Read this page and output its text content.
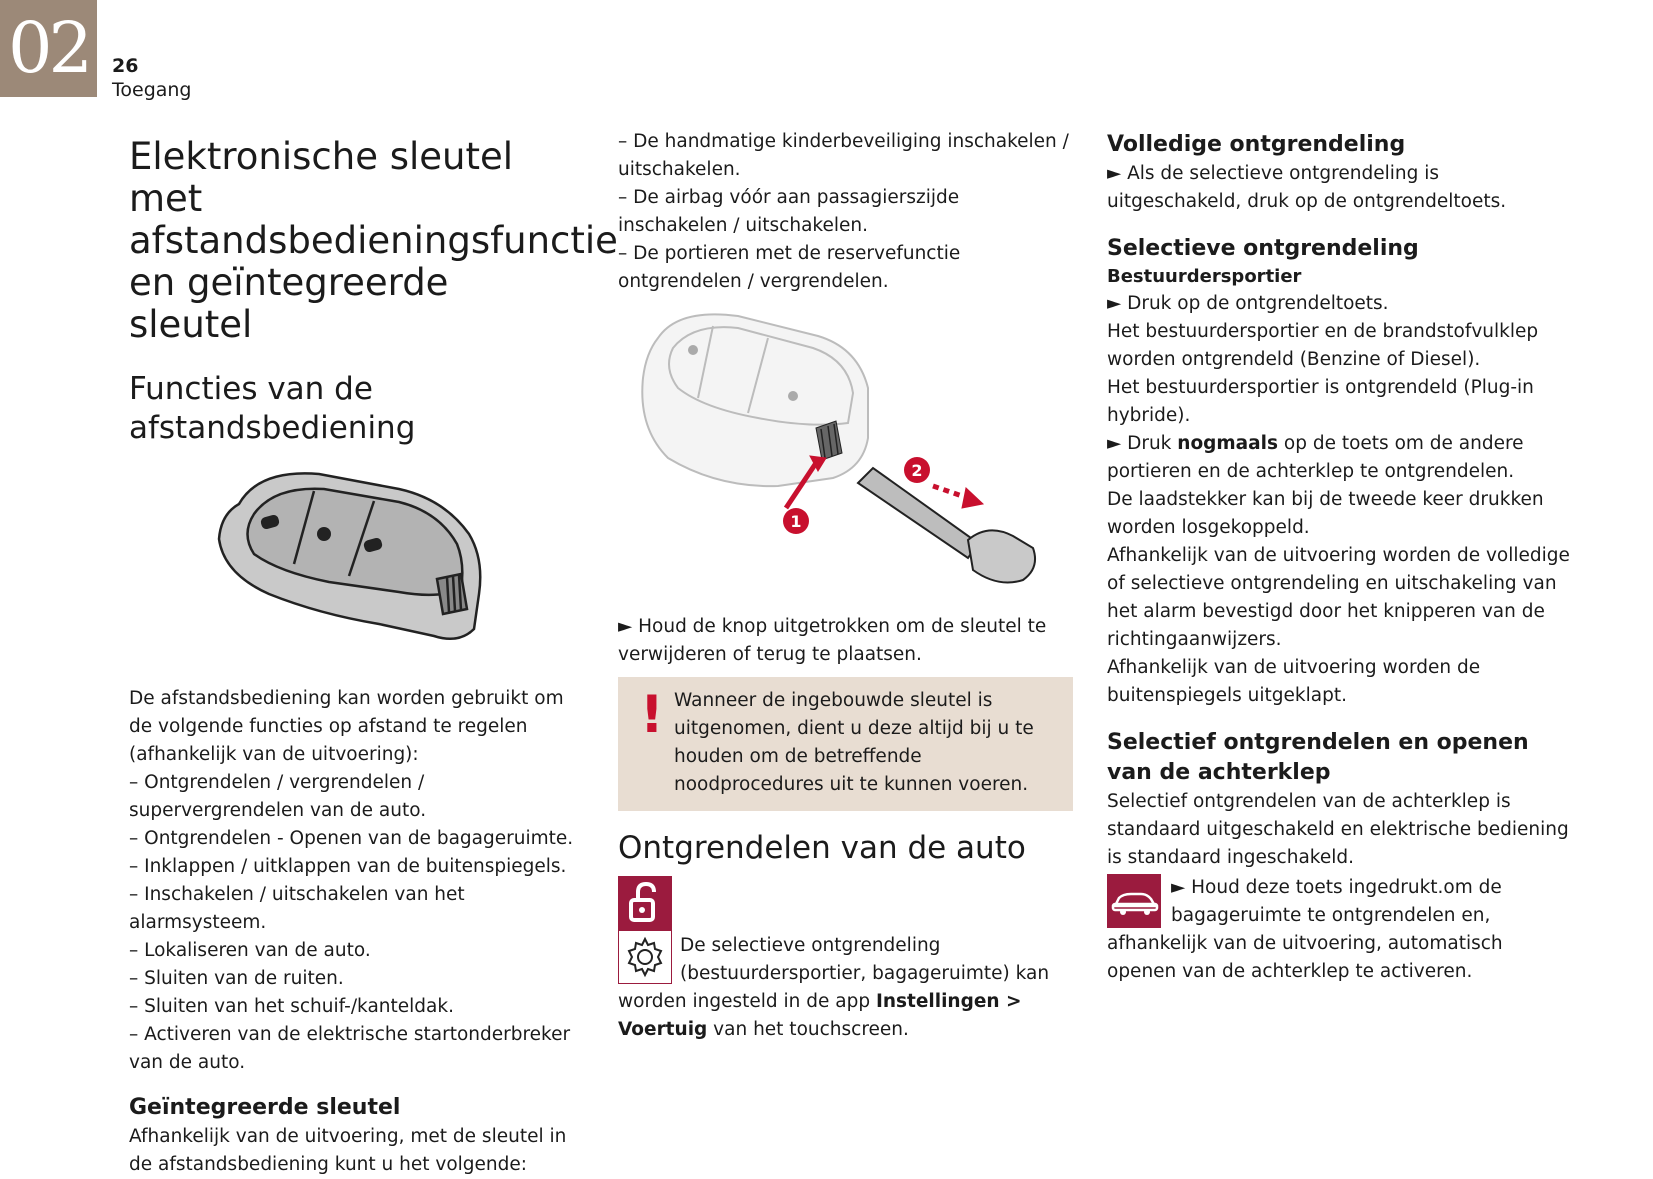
02	26
Toegang
Elektronische sleutel met afstandsbedieningsfunctie en geïntegreerde sleutel
Functies van de afstandsbediening

De afstandsbediening kan worden gebruikt om de volgende functies op afstand te regelen (afhankelijk van de uitvoering):

– Ontgrendelen / vergrendelen / supervergrendelen van de auto.

– Ontgrendelen - Openen van de bagageruimte.

– Inklappen / uitklappen van de buitenspiegels.

– Inschakelen / uitschakelen van het alarmsysteem.

– Lokaliseren van de auto.

– Sluiten van de ruiten.

– Sluiten van het schuif-/kanteldak.

– Activeren van de elektrische startonderbreker van de auto.

Geïntegreerde sleutel

Afhankelijk van de uitvoering, met de sleutel in de afstandsbediening kunt u het volgende:

– De handmatige kinderbeveiliging inschakelen / uitschakelen.

– De airbag vóór aan passagierszijde inschakelen / uitschakelen.

– De portieren met de reservefunctie ontgrendelen / vergrendelen.

1
2

► Houd de knop uitgetrokken om de sleutel te verwijderen of terug te plaatsen.

! Wanneer de ingebouwde sleutel is uitgenomen, dient u deze altijd bij u te houden om de betreffende noodprocedures uit te kunnen voeren.

Ontgrendelen van de auto

De selectieve ontgrendeling (bestuurdersportier, bagageruimte) kan worden ingesteld in de app Instellingen > Voertuig van het touchscreen.

Volledige ontgrendeling

► Als de selectieve ontgrendeling is uitgeschakeld, druk op de ontgrendeltoets.

Selectieve ontgrendeling
Bestuurdersportier

► Druk op de ontgrendeltoets.

Het bestuurdersportier en de brandstofvulklep worden ontgrendeld (Benzine of Diesel).

Het bestuurdersportier is ontgrendeld (Plug-in hybride).

► Druk nogmaals op de toets om de andere portieren en de achterklep te ontgrendelen.

De laadstekker kan bij de tweede keer drukken worden losgekoppeld.

Afhankelijk van de uitvoering worden de volledige of selectieve ontgrendeling en uitschakeling van het alarm bevestigd door het knipperen van de richtingaanwijzers.

Afhankelijk van de uitvoering worden de buitenspiegels uitgeklapt.

Selectief ontgrendelen en openen van de achterklep

Selectief ontgrendelen van de achterklep is standaard uitgeschakeld en elektrische bediening is standaard ingeschakeld.

► Houd deze toets ingedrukt.om de bagageruimte te ontgrendelen en, afhankelijk van de uitvoering, automatisch openen van de achterklep te activeren.
